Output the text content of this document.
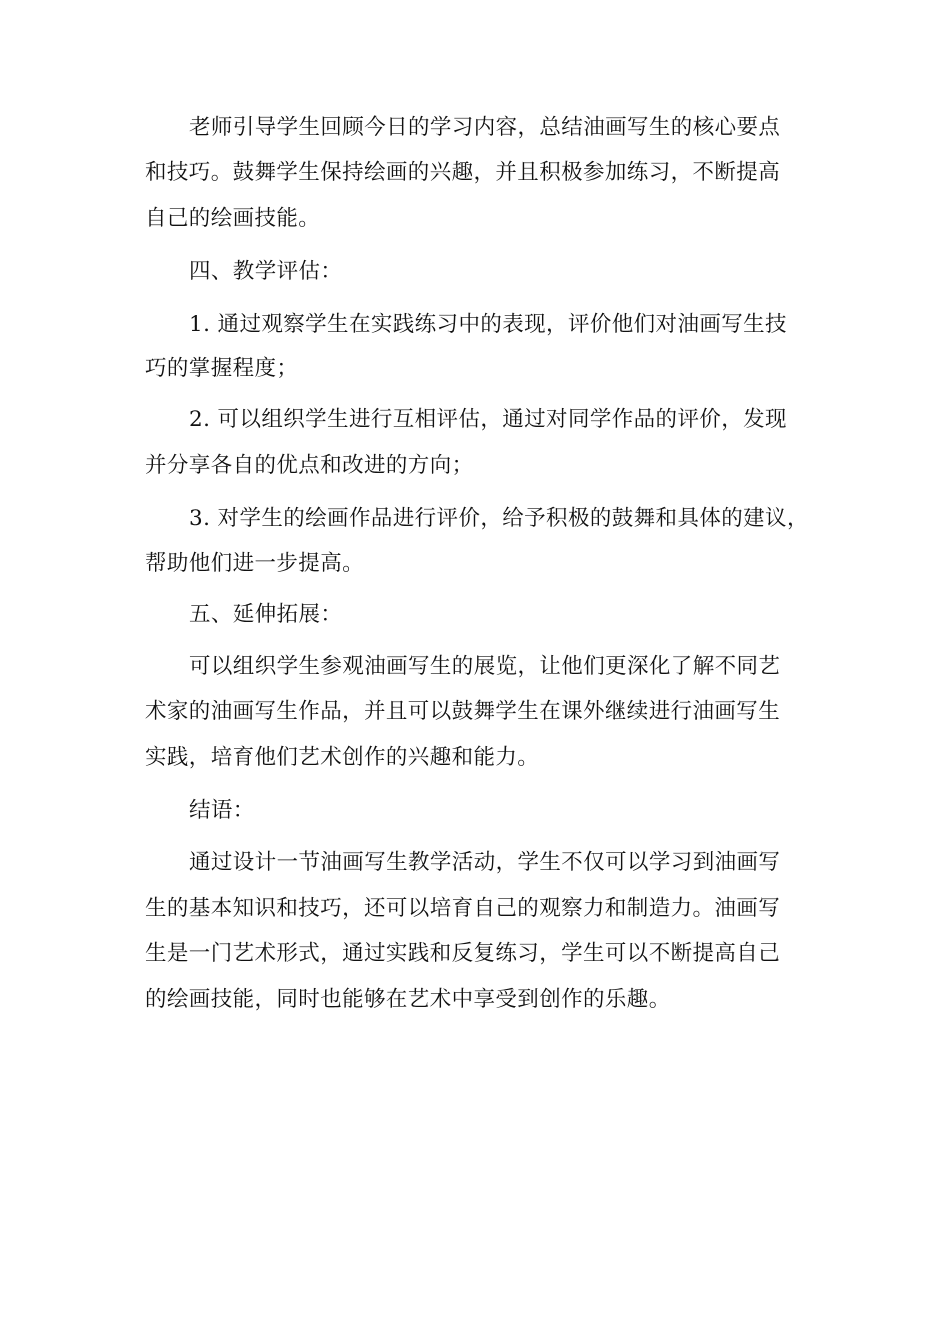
老师引导学生回顾今日的学习内容，总结油画写生的核心要点

和技巧。鼓舞学生保持绘画的兴趣，并且积极参加练习，不断提高

自己的绘画技能。

四、教学评估：

1. 通过观察学生在实践练习中的表现，评价他们对油画写生技

巧的掌握程度；

2. 可以组织学生进行互相评估，通过对同学作品的评价，发现

并分享各自的优点和改进的方向；

3. 对学生的绘画作品进行评价，给予积极的鼓舞和具体的建议，

帮助他们进一步提高。

五、延伸拓展：

可以组织学生参观油画写生的展览，让他们更深化了解不同艺

术家的油画写生作品，并且可以鼓舞学生在课外继续进行油画写生

实践，培育他们艺术创作的兴趣和能力。

结语：

通过设计一节油画写生教学活动，学生不仅可以学习到油画写

生的基本知识和技巧，还可以培育自己的观察力和制造力。油画写

生是一门艺术形式，通过实践和反复练习，学生可以不断提高自己

的绘画技能，同时也能够在艺术中享受到创作的乐趣。
